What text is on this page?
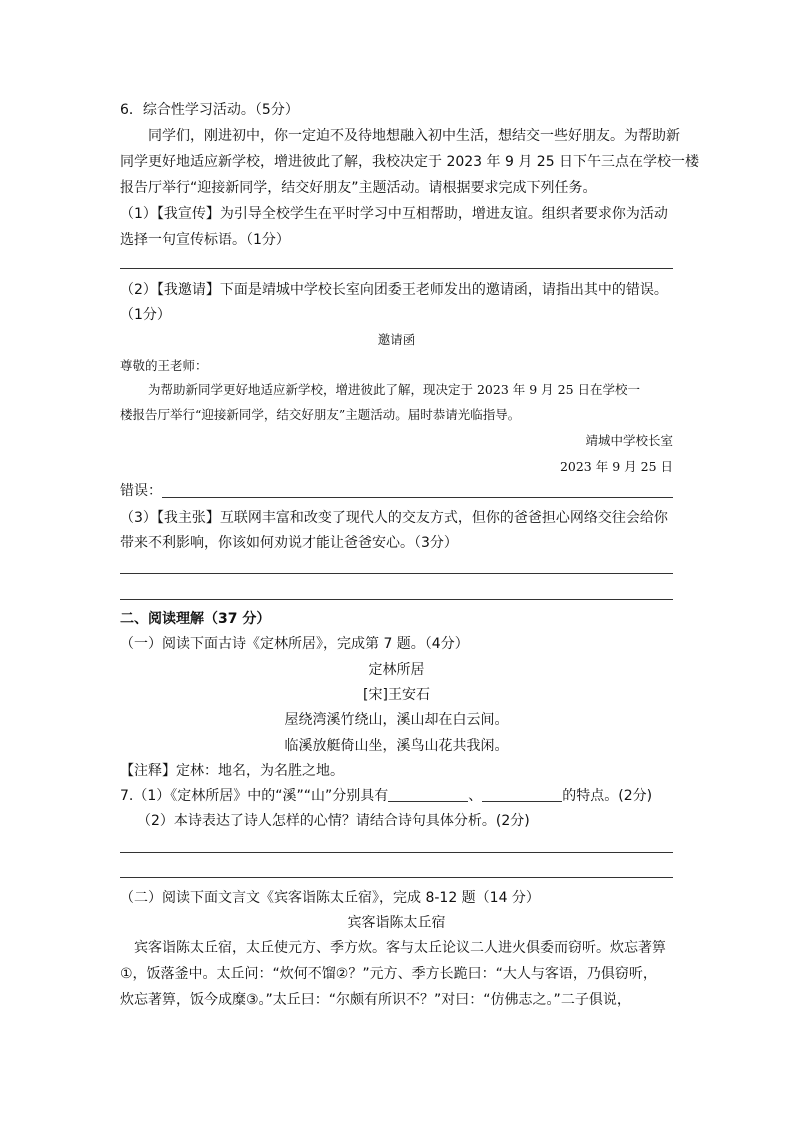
6．综合性学习活动。（5分）
同学们，刚进初中，你一定迫不及待地想融入初中生活，想结交一些好朋友。为帮助新
同学更好地适应新学校，增进彼此了解，我校决定于 2023 年 9 月 25 日下午三点在学校一楼
报告厅举行“迎接新同学，结交好朋友”主题活动。请根据要求完成下列任务。
（1）【我宣传】为引导全校学生在平时学习中互相帮助，增进友谊。组织者要求你为活动
选择一句宣传标语。（1分）
（2）【我邀请】下面是靖城中学校长室向团委王老师发出的邀请函，请指出其中的错误。
（1分）
邀请函
尊敬的王老师：
为帮助新同学更好地适应新学校，增进彼此了解，现决定于 2023 年 9 月 25 日在学校一
楼报告厅举行“迎接新同学，结交好朋友”主题活动。届时恭请光临指导。
靖城中学校长室
2023 年 9 月 25 日
错误：
（3）【我主张】互联网丰富和改变了现代人的交友方式，但你的爸爸担心网络交往会给你
带来不利影响，你该如何劝说才能让爸爸安心。（3分）
二、阅读理解（37 分）
（一）阅读下面古诗《定林所居》，完成第 7 题。（4分）
定林所居
[宋]王安石
屋绕湾溪竹绕山，溪山却在白云间。
临溪放艇倚山坐，溪鸟山花共我闲。
【注释】定林：地名，为名胜之地。
7.（1）《定林所居》中的“溪”“山”分别具有	、	的特点。(2分)
（2）本诗表达了诗人怎样的心情？请结合诗句具体分析。(2分)
（二）阅读下面文言文《宾客诣陈太丘宿》，完成 8-12 题（14 分）
宾客诣陈太丘宿
宾客诣陈太丘宿，太丘使元方、季方炊。客与太丘论议二人进火俱委而窃听。炊忘著箅
①，饭落釜中。太丘问：“炊何不馏②？”元方、季方长跪曰：“大人与客语，乃俱窃听，
炊忘著箅，饭今成糜③。”太丘曰：“尔颇有所识不？”对曰：“仿佛志之。”二子俱说，
